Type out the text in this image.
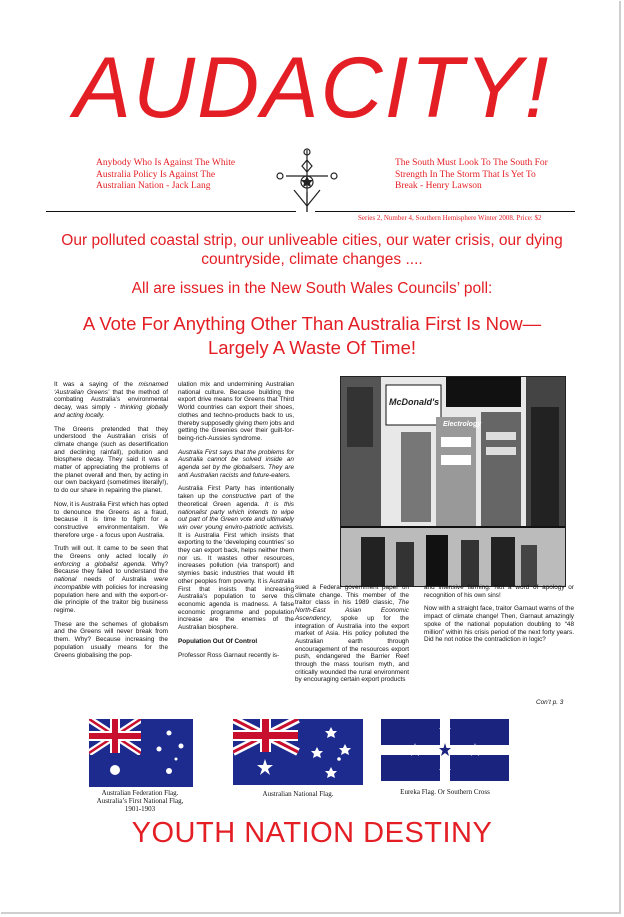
AUDACITY!
Anybody Who Is Against The White Australia Policy Is Against The Australian Nation - Jack Lang
The South Must Look To The South For Strength In The Storm That Is Yet To Break - Henry Lawson
Series 2, Number 4, Southern Hemisphere Winter 2008. Price: $2
Our polluted coastal strip, our unliveable cities, our water crisis, our dying countryside, climate changes ....
All are issues in the New South Wales Councils’ poll:
A Vote For Anything Other Than Australia First Is Now—Largely A Waste Of Time!

It was a saying of the misnamed ‘Australian Greens’ that the method of combating Australia’s environmental decay, was simply - thinking globally and acting locally.

The Greens pretended that they understood the Australian crisis of climate change (such as desertification and declining rainfall), pollution and biosphere decay. They said it was a matter of appreciating the problems of the planet overall and then, by acting in our own backyard (sometimes literally!), to do our share in repairing the planet.

Now, it is Australia First which has opted to denounce the Greens as a fraud, because it is time to fight for a constructive environmentalism. We therefore urge - a focus upon Australia.

Truth will out. It came to be seen that the Greens only acted locally in enforcing a globalist agenda. Why? Because they failed to understand the national needs of Australia were incompatible with policies for increasing population here and with the export-or-die principle of the traitor big business regime.

These are the schemes of globalism and the Greens will never break from them. Why? Because increasing the population usually means for the Greens globalising the pop-

ulation mix and undermining Australian national culture. Because building the export drive means for Greens that Third World countries can export their shoes, clothes and techno-products back to us, thereby supposedly giving them jobs and getting the Greenies over their guilt-for-being-rich-Aussies syndrome.

Australia First says that the problems for Australia cannot be solved inside an agenda set by the globalisers. They are anti Australian racists and future-eaters.

Australia First Party has intentionally taken up the constructive part of the theoretical Green agenda. It is this nationalist party which intends to wipe out part of the Green vote and ultimately win over young enviro-patriotic activists. It is Australia First which insists that exporting to the ‘developing countries’ so they can export back, helps neither them nor us. It wastes other resources, increases pollution (via transport) and stymies basic industries that would lift other peoples from poverty. It is Australia First that insists that increasing Australia’s population to serve this economic agenda is madness. A false economic programme and population increase are the enemies of the Australian biosphere.

Population Out Of Control

Professor Ross Garnaut recently is-

McDonald's
Electrology

sued a Federal government paper on climate change. This member of the traitor class in his 1989 classic, The North-East Asian Economic Ascendency, spoke up for the integration of Australia into the export market of Asia. His policy polluted the Australian earth through encouragement of the resources export push, endangered the Barrier Reef through the mass tourism myth, and critically wounded the rural environment by encouraging certain export products

and intensive farming. Not a word of apology or recognition of his own sins!

Now with a straight face, traitor Garnaut warns of the impact of climate change! Then, Garnaut amazingly spoke of the national population doubling to “48 million” within his crisis period of the next forty years. Did he not notice the contradiction in logic?

Con’t p. 3
Australian Federation Flag. Australia’s First National Flag, 1901-1903
Australian National Flag.	Eureka Flag. Or Southern Cross
YOUTH NATION DESTINY
